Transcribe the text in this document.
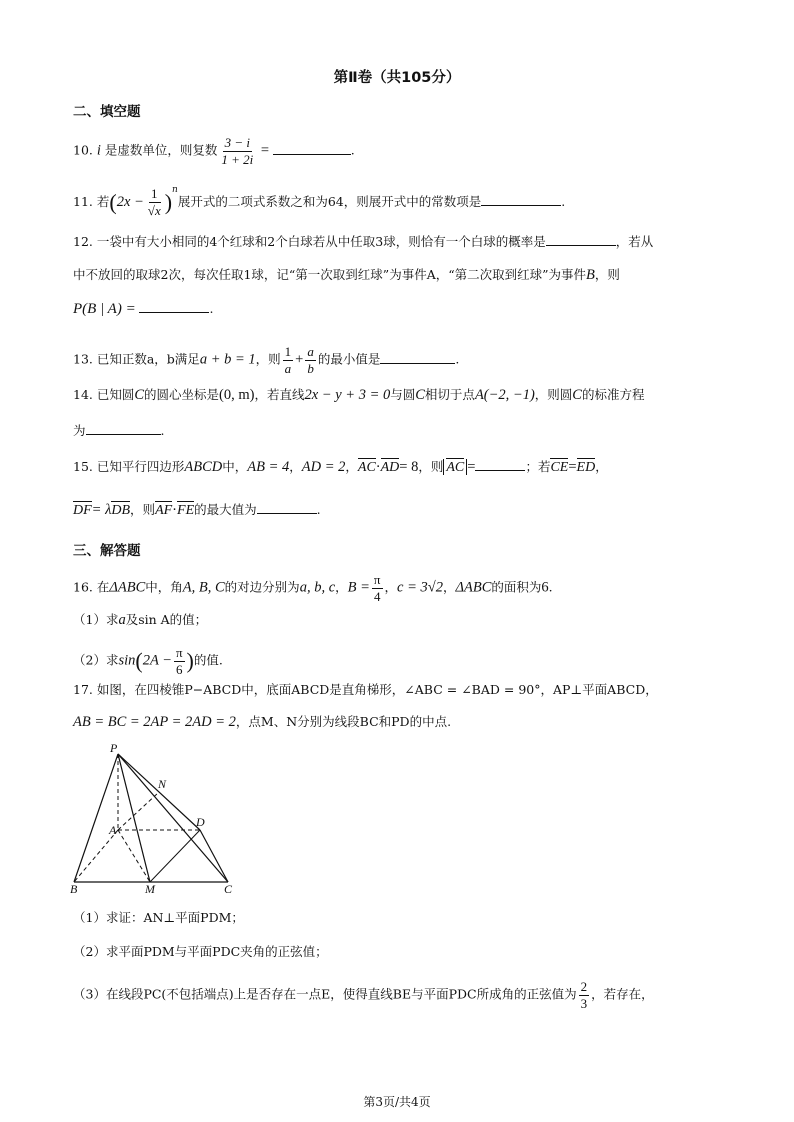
第Ⅱ卷（共105分）
二、填空题
10. i 是虚数单位，则复数 $\frac{3 - i}{1 + 2i}$ =	.
11. 若$(2x - \frac{1}{√x} )^n$展开式的二项式系数之和为64，则展开式中的常数项是	.
12. 一袋中有大小相同的4个红球和2个白球若从中任取3球，则恰有一个白球的概率是	，若从
中不放回的取球2次，每次任取1球，记“第一次取到红球”为事件A，“第二次取到红球”为事件B，则
P(B | A) =	.
13. 已知正数a，b满足a + b = 1，则 $\frac{1}{a} + \frac{a}{b}$ 的最小值是	.
14. 已知圆C的圆心坐标是(0, m)，若直线2x − y + 3 = 0与圆C相切于点A(−2, −1)，则圆C的标准方程
为	.
15. 已知平行四边形ABCD中，AB = 4，AD = 2，AC·AD= 8，则 AC =	；若CE=ED，
DF= λDB，则AF·FE的最大值为	.
三、解答题
16. 在ΔABC中，角A, B, C的对边分别为a, b, c，$B = \frac{\pi}{4}$ ，c = 3√2，ΔABC的面积为6.
（1）求a及sin A的值；
（2）求$\sin(2A - \frac{\pi}{6}$ )的值.
17. 如图，在四棱锥P−ABCD中，底面ABCD是直角梯形，∠ABC = ∠BAD = 90°，AP⊥平面ABCD，
AB = BC = 2AP = 2AD = 2，点M、N分别为线段BC和PD的中点.
P
N
A
D
B	M	C
（1）求证：AN⊥平面PDM；
（2）求平面PDM与平面PDC夹角的正弦值；
（3）在线段PC(不包括端点)上是否存在一点E，使得直线BE与平面PDC所成角的正弦值为 $\frac{2}{3}$ ，若存在，
第3页/共4页
